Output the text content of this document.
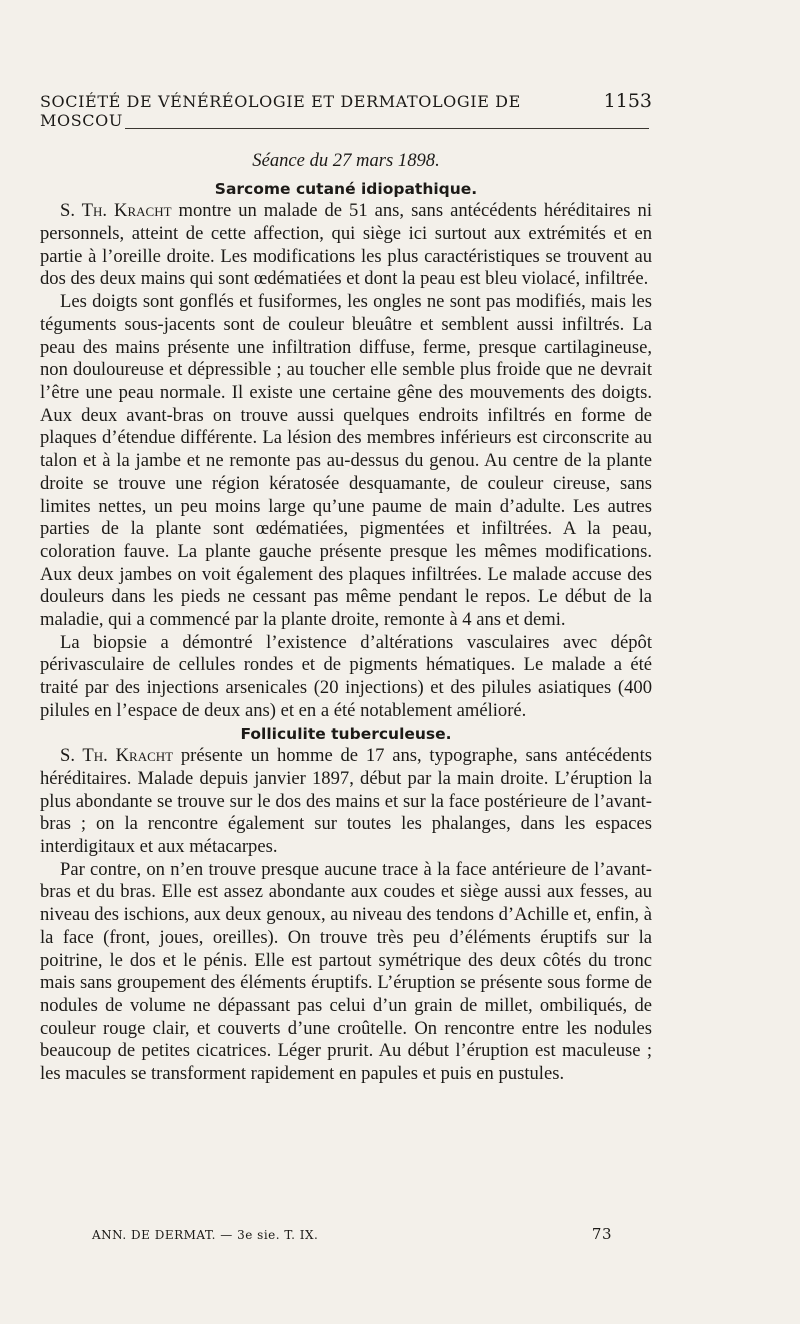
SOCIÉTÉ DE VÉNÉRÉOLOGIE ET DERMATOLOGIE DE MOSCOU
1153
Séance du 27 mars 1898.
Sarcome cutané idiopathique.

S. Th. Kracht montre un malade de 51 ans, sans antécédents héréditaires ni personnels, atteint de cette affection, qui siège ici surtout aux extrémités et en partie à l’oreille droite. Les modifications les plus caractéristiques se trouvent au dos des deux mains qui sont œdématiées et dont la peau est bleu violacé, infiltrée.

Les doigts sont gonflés et fusiformes, les ongles ne sont pas modifiés, mais les téguments sous-jacents sont de couleur bleuâtre et semblent aussi infiltrés. La peau des mains présente une infiltration diffuse, ferme, presque cartilagineuse, non douloureuse et dépressible ; au toucher elle semble plus froide que ne devrait l’être une peau normale. Il existe une certaine gêne des mouvements des doigts. Aux deux avant-bras on trouve aussi quelques endroits infiltrés en forme de plaques d’étendue différente. La lésion des membres inférieurs est circonscrite au talon et à la jambe et ne remonte pas au-dessus du genou. Au centre de la plante droite se trouve une région kératosée desquamante, de couleur cireuse, sans limites nettes, un peu moins large qu’une paume de main d’adulte. Les autres parties de la plante sont œdématiées, pigmentées et infiltrées. A la peau, coloration fauve. La plante gauche présente presque les mêmes modifications. Aux deux jambes on voit également des plaques infiltrées. Le malade accuse des douleurs dans les pieds ne cessant pas même pendant le repos. Le début de la maladie, qui a commencé par la plante droite, remonte à 4 ans et demi.

La biopsie a démontré l’existence d’altérations vasculaires avec dépôt périvasculaire de cellules rondes et de pigments hématiques. Le malade a été traité par des injections arsenicales (20 injections) et des pilules asiatiques (400 pilules en l’espace de deux ans) et en a été notablement amélioré.

Folliculite tuberculeuse.

S. Th. Kracht présente un homme de 17 ans, typographe, sans antécédents héréditaires. Malade depuis janvier 1897, début par la main droite. L’éruption la plus abondante se trouve sur le dos des mains et sur la face postérieure de l’avant-bras ; on la rencontre également sur toutes les phalanges, dans les espaces interdigitaux et aux métacarpes.

Par contre, on n’en trouve presque aucune trace à la face antérieure de l’avant-bras et du bras. Elle est assez abondante aux coudes et siège aussi aux fesses, au niveau des ischions, aux deux genoux, au niveau des tendons d’Achille et, enfin, à la face (front, joues, oreilles). On trouve très peu d’éléments éruptifs sur la poitrine, le dos et le pénis. Elle est partout symétrique des deux côtés du tronc mais sans groupement des éléments éruptifs. L’éruption se présente sous forme de nodules de volume ne dépassant pas celui d’un grain de millet, ombiliqués, de couleur rouge clair, et couverts d’une croûtelle. On rencontre entre les nodules beaucoup de petites cicatrices. Léger prurit. Au début l’éruption est maculeuse ; les macules se transforment rapidement en papules et puis en pustules.

ANN. DE DERMAT. — 3e sie. T. IX.	73
